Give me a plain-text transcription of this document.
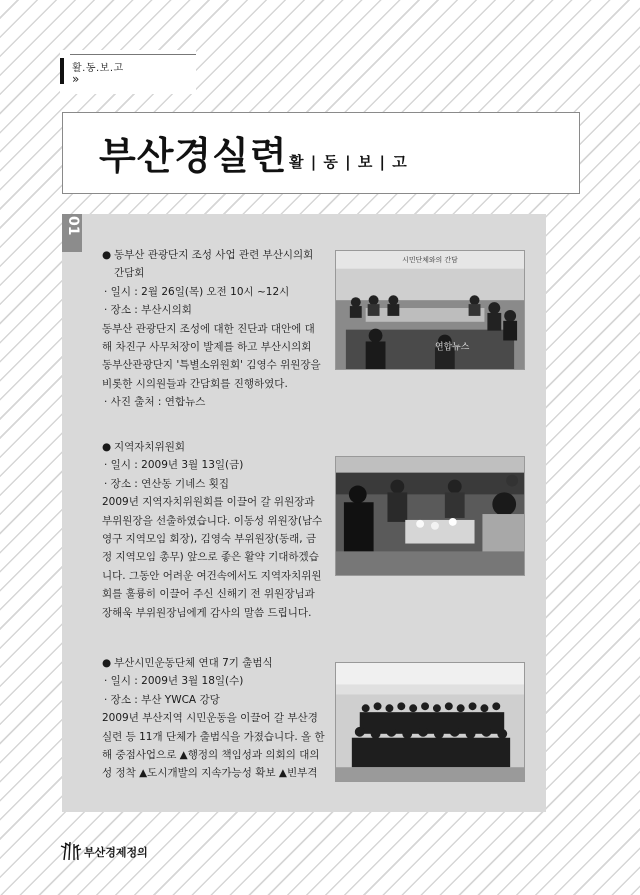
활.동.보.고
»
부산경실련 활 | 동 | 보 | 고
01
● 동부산 관광단지 조성 사업 관련 부산시의회
간담회
· 일시 : 2월 26일(목) 오전 10시 ~12시
· 장소 : 부산시의회
동부산 관광단지 조성에 대한 진단과 대안에 대
해 차진구 사무처장이 발제를 하고 부산시의회
동부산관광단지 '특별소위원회' 김영수 위원장을
비롯한 시의원들과 간담회를 진행하였다.
· 사진 출처 : 연합뉴스
시민단체와의 간담
연합뉴스
● 지역자치위원회
· 일시 : 2009년 3월 13일(금)
· 장소 : 연산동 기네스 횟집
2009년 지역자치위원회를 이끌어 갈 위원장과
부위원장을 선출하였습니다. 이동성 위원장(남수
영구 지역모임 회장), 김영숙 부위원장(동래, 금
정 지역모임 총무) 앞으로 좋은 활약 기대하겠습
니다. 그동안 어려운 여건속에서도 지역자치위원
회를 훌륭히 이끌어 주신 신해기 전 위원장님과
장해욱 부위원장님에게 감사의 말씀 드립니다.
● 부산시민운동단체 연대 7기 출범식
· 일시 : 2009년 3월 18일(수)
· 장소 : 부산 YWCA 강당
2009년 부산지역 시민운동을 이끌어 갈 부산경
실련 등 11개 단체가 출범식을 가졌습니다. 올 한
해 중점사업으로 ▲행정의 책임성과 의회의 대의
성 정착 ▲도시개발의 지속가능성 확보 ▲빈부격
부산경제정의
